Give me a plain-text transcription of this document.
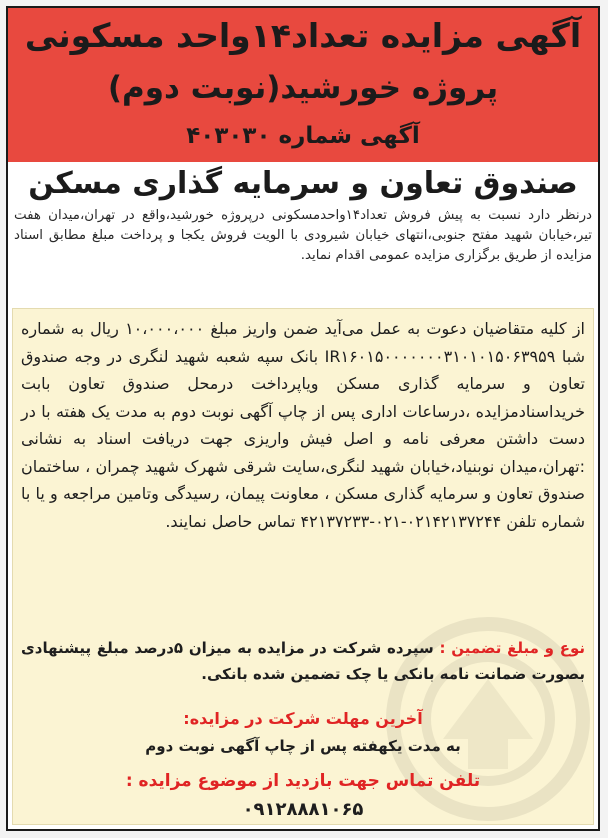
آگهی مزایده تعداد۱۴واحد مسکونی
پروژه خورشید(نوبت دوم)
آگهی شماره ۴۰۳۰۳۰
صندوق تعاون و سرمایه گذاری مسکن
درنظر دارد نسبت به پیش فروش تعداد۱۴واحدمسکونی درپروژه خورشید،واقع در تهران،میدان هفت تیر،خیابان شهید مفتح جنوبی،انتهای خیابان شیرودی با الویت فروش یکجا و پرداخت مبلغ مطابق اسناد مزایده از طریق برگزاری مزایده عمومی اقدام نماید.
از کلیه متقاضیان دعوت به عمل می‌آید ضمن واریز مبلغ ۱۰،۰۰۰،۰۰۰ ریال به شماره شبا IR۱۶۰۱۵۰۰۰۰۰۰۰۳۱۰۱۰۱۵۰۶۳۹۵۹ بانک سپه شعبه شهید لنگری در وجه صندوق تعاون و سرمایه گذاری مسکن ویاپرداخت درمحل صندوق تعاون بابت خریداسنادمزایده ،درساعات اداری پس از چاپ آگهی نوبت دوم به مدت یک هفته با در دست داشتن معرفی نامه و اصل فیش واریزی جهت دریافت اسناد به نشانی :تهران،میدان نوبنیاد،خیابان شهید لنگری،سایت شرقی شهرک شهید چمران ، ساختمان صندوق تعاون و سرمایه گذاری مسکن ، معاونت پیمان، رسیدگی وتامین مراجعه و یا با شماره تلفن ۰۲۱۴۲۱۳۷۲۴۴-۰۲۱-۴۲۱۳۷۲۳۳ تماس حاصل نمایند.
نوع و مبلغ تضمین : سپرده شرکت در مزایده به میزان ۵درصد مبلغ پیشنهادی بصورت ضمانت نامه بانکی یا چک تضمین شده بانکی.
آخرین مهلت شرکت در مزایده:
به مدت یکهفته پس از چاپ آگهی نوبت دوم
تلفن تماس جهت بازدید از موضوع مزایده :
۰۹۱۲۸۸۸۱۰۶۵
